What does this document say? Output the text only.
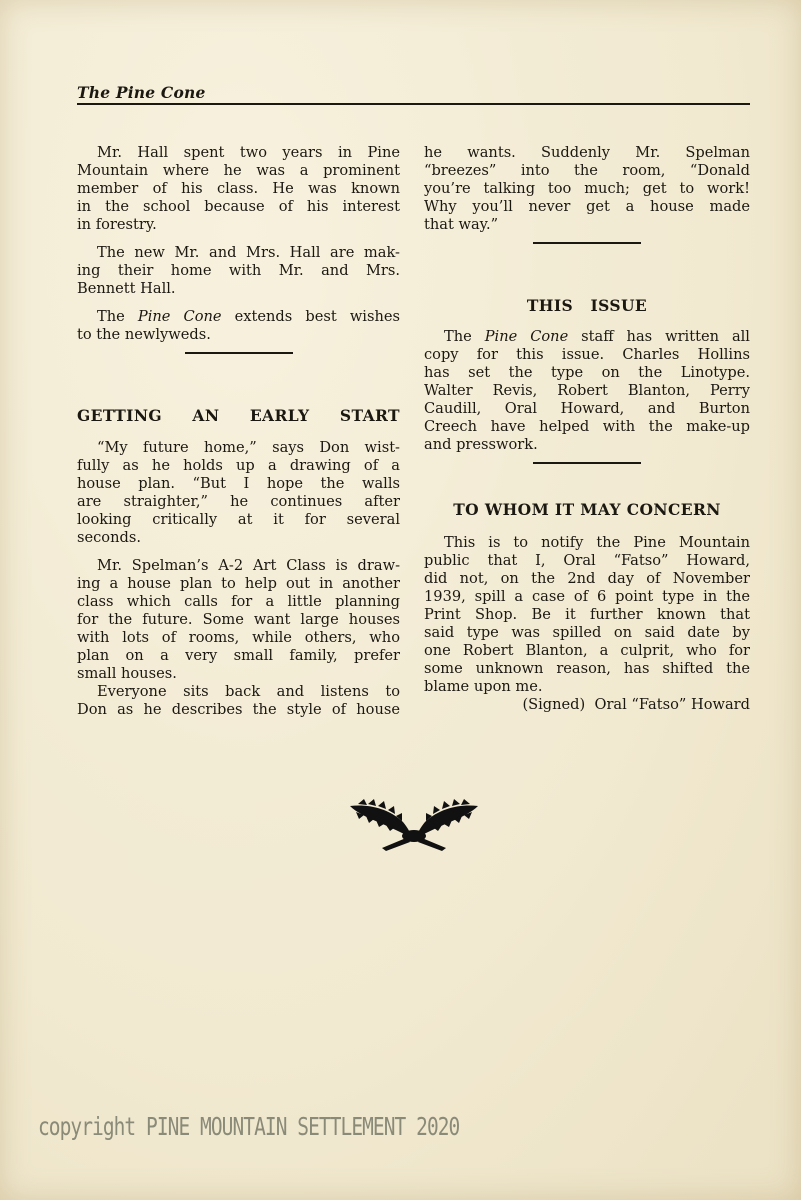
The Pine Cone

Mr. Hall spent two years in Pine
Mountain where he was a prominent
member of his class. He was known
in the school because of his interest
in forestry.

The new Mr. and Mrs. Hall are mak-
ing their home with Mr. and Mrs.
Bennett Hall.

The Pine Cone extends best wishes
to the newlyweds.

GETTING AN EARLY START

“My future home,” says Don wist-
fully as he holds up a drawing of a
house plan. “But I hope the walls
are straighter,” he continues after
looking critically at it for several
seconds.

Mr. Spelman’s A-2 Art Class is draw-
ing a house plan to help out in another
class which calls for a little planning
for the future. Some want large houses
with lots of rooms, while others, who
plan on a very small family, prefer
small houses.

Everyone sits back and listens to
Don as he describes the style of house

he wants. Suddenly Mr. Spelman
“breezes” into the room, “Donald
you’re talking too much; get to work!
Why you’ll never get a house made
that way.”

THIS   ISSUE

The Pine Cone staff has written all
copy for this issue. Charles Hollins
has set the type on the Linotype.
Walter Revis, Robert Blanton, Perry
Caudill, Oral Howard, and Burton
Creech have helped with the make-up
and presswork.

TO WHOM IT MAY CONCERN

This is to notify the Pine Mountain
public that I, Oral “Fatso” Howard,
did not, on the 2nd day of November
1939, spill a case of 6 point type in the
Print Shop. Be it further known that
said type was spilled on said date by
one Robert Blanton, a culprit, who for
some unknown reason, has shifted the
blame upon me.
(Signed)  Oral “Fatso” Howard

copyright PINE MOUNTAIN SETTLEMENT 2020
